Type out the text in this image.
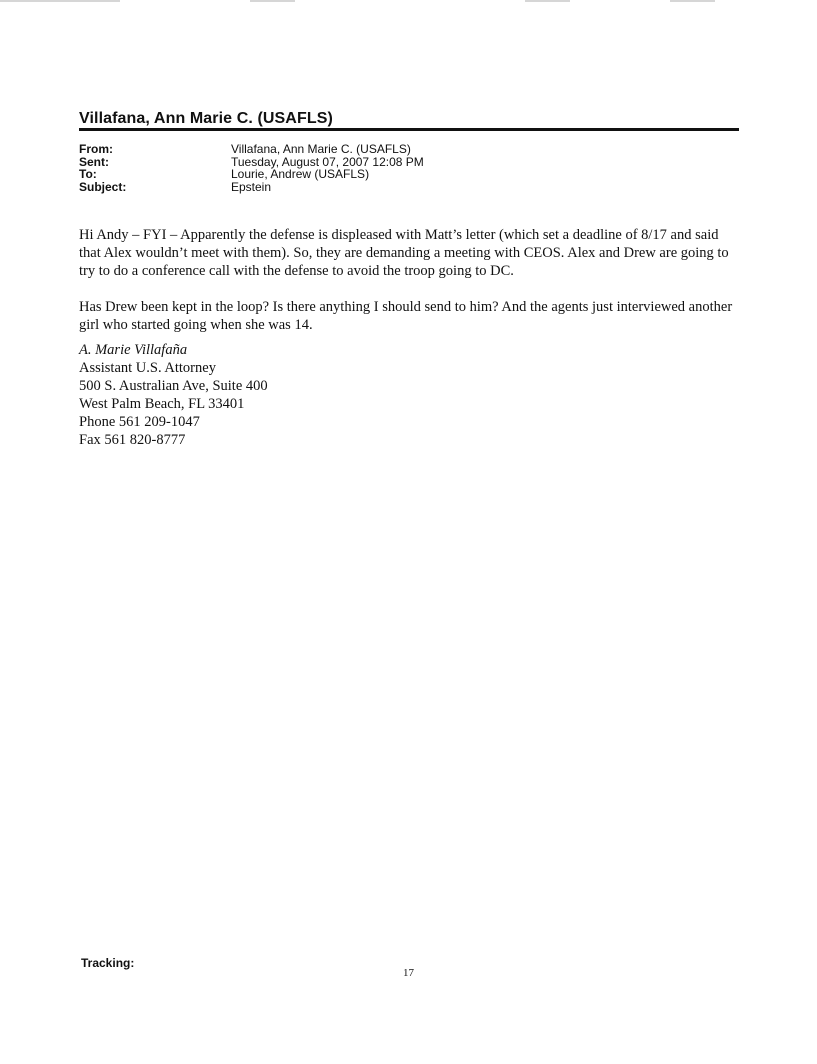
Villafana, Ann Marie C. (USAFLS)
From:	Villafana, Ann Marie C. (USAFLS)
Sent:	Tuesday, August 07, 2007 12:08 PM
To:	Lourie, Andrew (USAFLS)
Subject:	Epstein

Hi Andy – FYI – Apparently the defense is displeased with Matt’s letter (which set a deadline of 8/17 and said that Alex wouldn’t meet with them). So, they are demanding a meeting with CEOS. Alex and Drew are going to try to do a conference call with the defense to avoid the troop going to DC.

Has Drew been kept in the loop? Is there anything I should send to him? And the agents just interviewed another girl who started going when she was 14.

A. Marie Villafaña
Assistant U.S. Attorney
500 S. Australian Ave, Suite 400
West Palm Beach, FL 33401
Phone 561 209-1047
Fax 561 820-8777
Tracking:
17
